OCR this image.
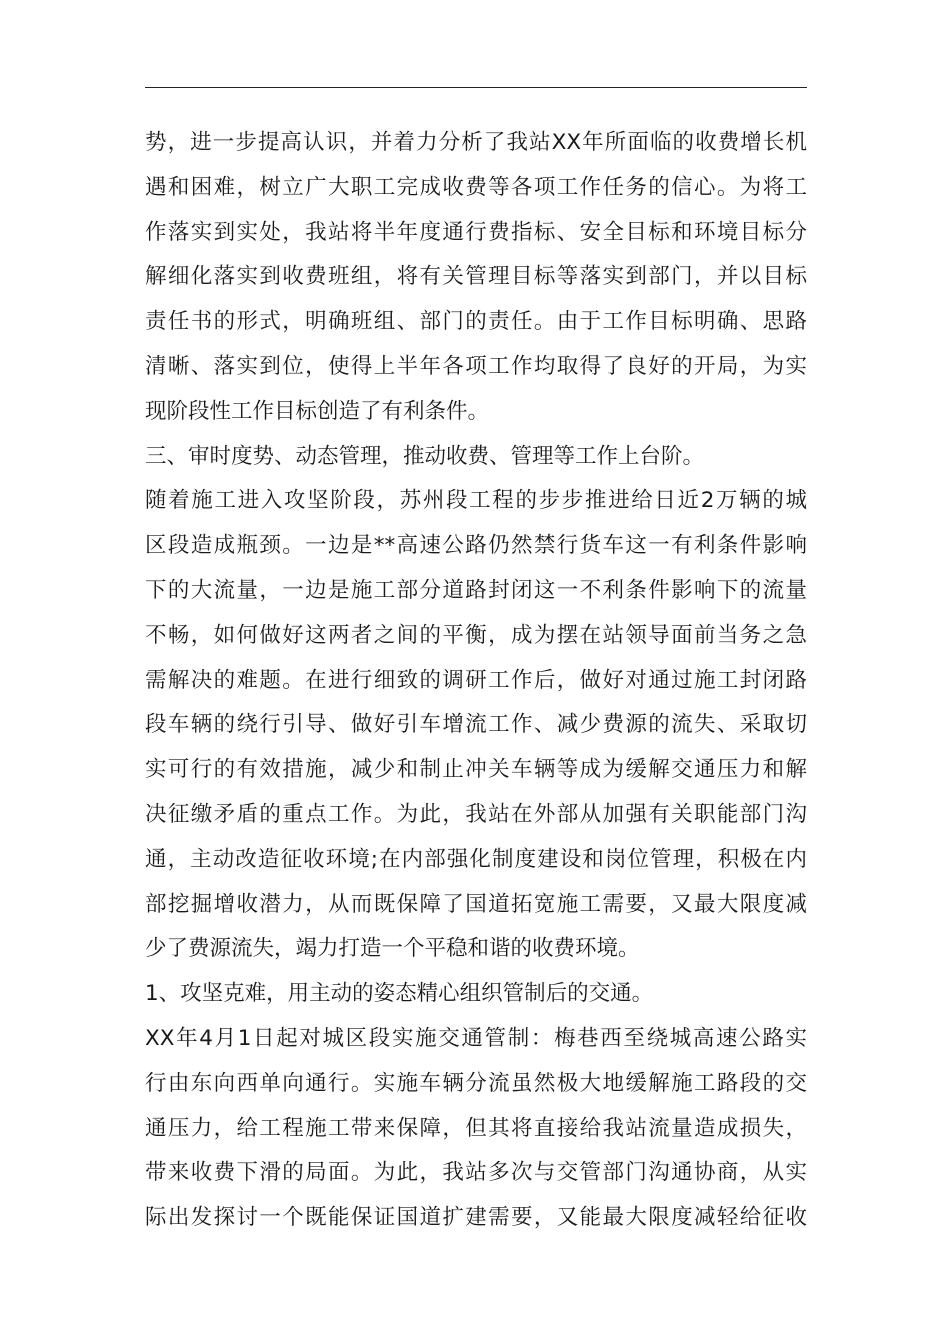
势，进一步提高认识，并着力分析了我站XX年所面临的收费增长机
遇和困难，树立广大职工完成收费等各项工作任务的信心。为将工
作落实到实处，我站将半年度通行费指标、安全目标和环境目标分
解细化落实到收费班组，将有关管理目标等落实到部门，并以目标
责任书的形式，明确班组、部门的责任。由于工作目标明确、思路
清晰、落实到位，使得上半年各项工作均取得了良好的开局，为实
现阶段性工作目标创造了有利条件。
三、审时度势、动态管理，推动收费、管理等工作上台阶。
随着施工进入攻坚阶段，苏州段工程的步步推进给日近2万辆的城
区段造成瓶颈。一边是**高速公路仍然禁行货车这一有利条件影响
下的大流量，一边是施工部分道路封闭这一不利条件影响下的流量
不畅，如何做好这两者之间的平衡，成为摆在站领导面前当务之急
需解决的难题。在进行细致的调研工作后，做好对通过施工封闭路
段车辆的绕行引导、做好引车增流工作、减少费源的流失、采取切
实可行的有效措施，减少和制止冲关车辆等成为缓解交通压力和解
决征缴矛盾的重点工作。为此，我站在外部从加强有关职能部门沟
通，主动改造征收环境;在内部强化制度建设和岗位管理，积极在内
部挖掘增收潜力，从而既保障了国道拓宽施工需要，又最大限度减
少了费源流失，竭力打造一个平稳和谐的收费环境。
1、攻坚克难，用主动的姿态精心组织管制后的交通。
XX年4月1日起对城区段实施交通管制：梅巷西至绕城高速公路实
行由东向西单向通行。实施车辆分流虽然极大地缓解施工路段的交
通压力，给工程施工带来保障，但其将直接给我站流量造成损失，
带来收费下滑的局面。为此，我站多次与交管部门沟通协商，从实
际出发探讨一个既能保证国道扩建需要，又能最大限度减轻给征收
